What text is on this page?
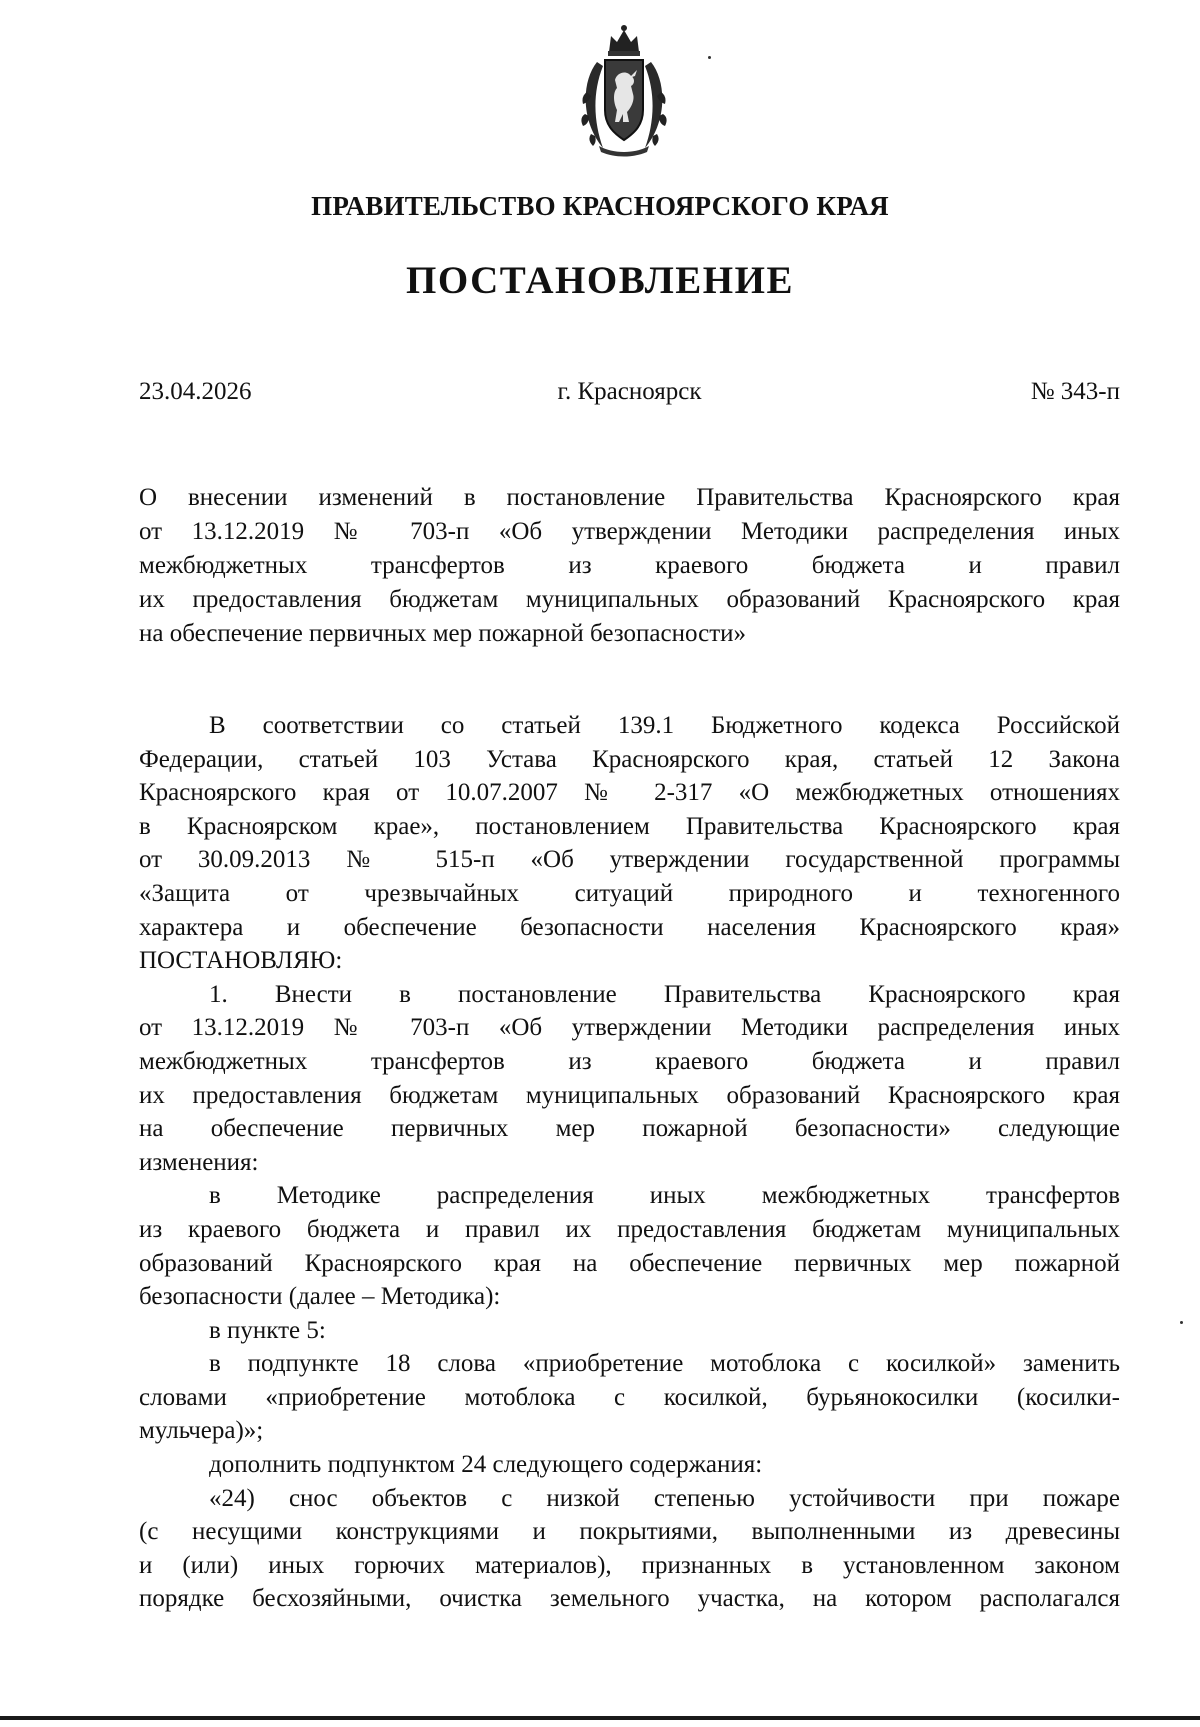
ПРАВИТЕЛЬСТВО КРАСНОЯРСКОГО КРАЯ
ПОСТАНОВЛЕНИЕ
23.04.2026	г. Красноярск	№ 343-п
О внесении изменений в постановление Правительства Красноярского края
от 13.12.2019 № 703-п «Об утверждении Методики распределения иных
межбюджетных трансфертов из краевого бюджета и правил
их предоставления бюджетам муниципальных образований Красноярского края
на обеспечение первичных мер пожарной безопасности»
В соответствии со статьей 139.1 Бюджетного кодекса Российской
Федерации, статьей 103 Устава Красноярского края, статьей 12 Закона
Красноярского края от 10.07.2007 № 2-317 «О межбюджетных отношениях
в Красноярском крае», постановлением Правительства Красноярского края
от 30.09.2013 № 515-п «Об утверждении государственной программы
«Защита от чрезвычайных ситуаций природного и техногенного
характера и обеспечение безопасности населения Красноярского края»
ПОСТАНОВЛЯЮ:
1. Внести в постановление Правительства Красноярского края
от 13.12.2019 № 703-п «Об утверждении Методики распределения иных
межбюджетных трансфертов из краевого бюджета и правил
их предоставления бюджетам муниципальных образований Красноярского края
на обеспечение первичных мер пожарной безопасности» следующие
изменения:
в Методике распределения иных межбюджетных трансфертов
из краевого бюджета и правил их предоставления бюджетам муниципальных
образований Красноярского края на обеспечение первичных мер пожарной
безопасности (далее – Методика):
в пункте 5:
в подпункте 18 слова «приобретение мотоблока с косилкой» заменить
словами «приобретение мотоблока с косилкой, бурьянокосилки (косилки-
мульчера)»;
дополнить подпунктом 24 следующего содержания:
«24) снос объектов с низкой степенью устойчивости при пожаре
(с несущими конструкциями и покрытиями, выполненными из древесины
и (или) иных горючих материалов), признанных в установленном законом
порядке бесхозяйными, очистка земельного участка, на котором располагался
